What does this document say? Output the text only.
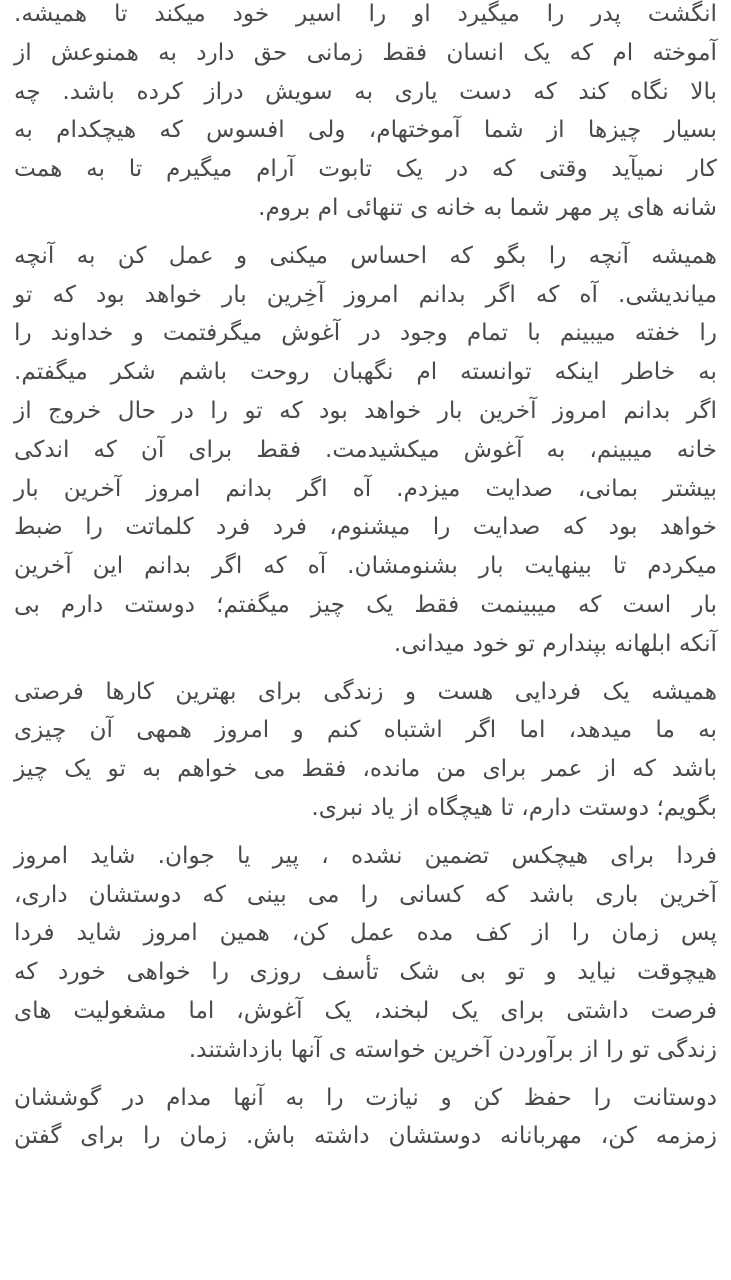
انگشت پدر را میگیرد او را اسیر خود میکند تا همیشه.
آموخته ام که یک انسان فقط زمانی حق دارد به همنوعش از
بالا نگاه کند که دست یاری به سویش دراز کرده باشد. چه
بسیار چیزها از شما آموختهام، ولی افسوس که هیچکدام به
کار نمیآید وقتی که در یک تابوت آرام میگیرم تا به همت
شانه های پر مهر شما به خانه ی تنهائی ام بروم.

همیشه آنچه را بگو که احساس میکنی و عمل کن به آنچه
میاندیشی. آه که اگر بدانم امروز آخِرین بار خواهد بود که تو
را خفته میبینم با تمام وجود در آغوش میگرفتمت و خداوند را
به خاطر اینکه توانسته ام نگهبان روحت باشم شکر میگفتم.
اگر بدانم امروز آخرین بار خواهد بود که تو را در حال خروج از
خانه میبینم، به آغوش میکشیدمت. فقط برای آن که اندکی
بیشتر بمانی، صدایت میزدم. آه اگر بدانم امروز آخرین بار
خواهد بود که صدایت را میشنوم، فرد فرد کلماتت را ضبط
میکردم تا بینهایت بار بشنومشان. آه که اگر بدانم این آخرین
بار است که میبینمت فقط یک چیز میگفتم؛ دوستت دارم بی
آنکه ابلهانه بپندارم تو خود میدانی.

همیشه یک فردایی هست و زندگی برای بهترین کارها فرصتی
به ما میدهد، اما اگر اشتباه کنم و امروز همهی آن چیزی
باشد که از عمر برای من مانده، فقط می خواهم به تو یک چیز
بگویم؛ دوستت دارم، تا هیچگاه از یاد نبری.

فردا برای هیچکس تضمین نشده ، پیر یا جوان. شاید امروز
آخرین باری باشد که کسانی را می بینی که دوستشان داری،
پس زمان را از کف مده عمل کن، همین امروز شاید فردا
هیچوقت نیاید و تو بی شک تأسف روزی را خواهی خورد که
فرصت داشتی برای یک لبخند، یک آغوش، اما مشغولیت های
زندگی تو را از برآوردن آخرین خواسته ی آنها بازداشتند.

دوستانت را حفظ کن و نیازت را به آنها مدام در گوششان
زمزمه کن، مهربانانه دوستشان داشته باش. زمان را برای گفتن
